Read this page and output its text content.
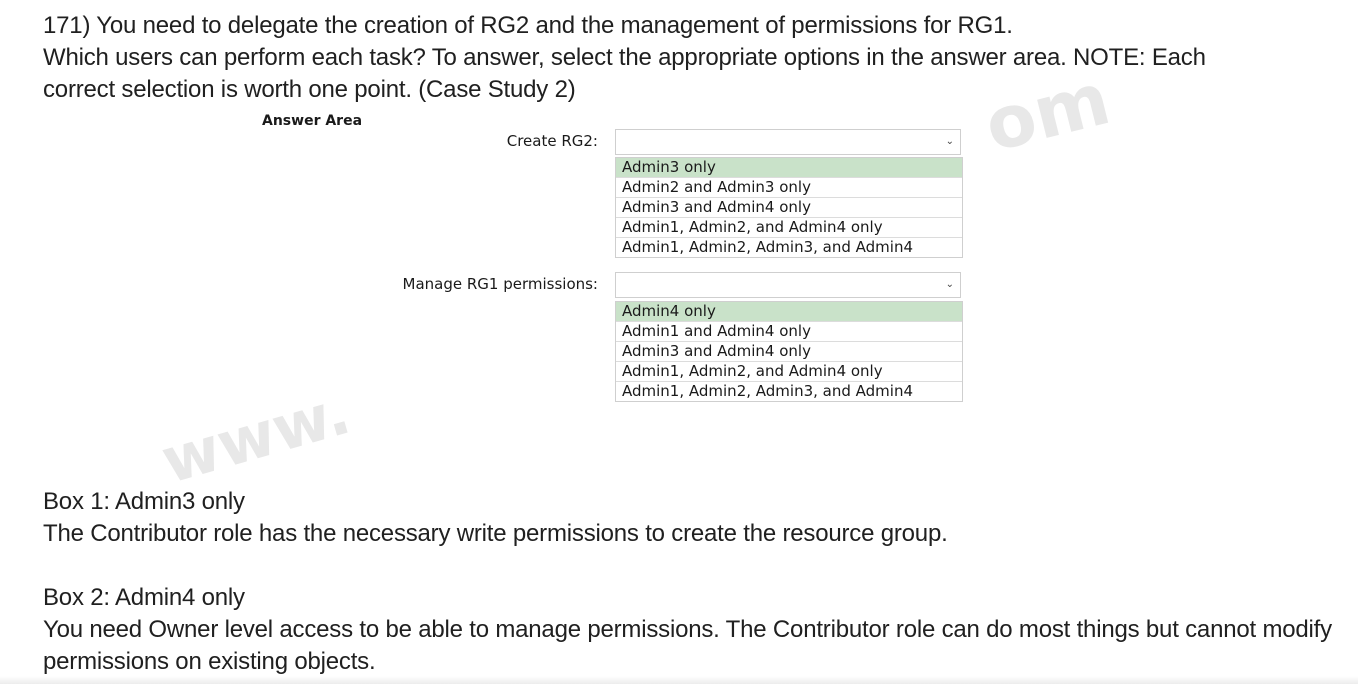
171) You need to delegate the creation of RG2 and the management of permissions for RG1.

Which users can perform each task? To answer, select the appropriate options in the answer area. NOTE: Each

correct selection is worth one point. (Case Study 2)	om
www.
Answer Area
Create RG2:	⌄
Admin3 only
Admin2 and Admin3 only
Admin3 and Admin4 only
Admin1, Admin2, and Admin4 only
Admin1, Admin2, Admin3, and Admin4
Manage RG1 permissions:	⌄
Admin4 only
Admin1 and Admin4 only
Admin3 and Admin4 only
Admin1, Admin2, and Admin4 only
Admin1, Admin2, Admin3, and Admin4

Box 1: Admin3 only

The Contributor role has the necessary write permissions to create the resource group.

Box 2: Admin4 only

You need Owner level access to be able to manage permissions. The Contributor role can do most things but cannot modify

permissions on existing objects.
